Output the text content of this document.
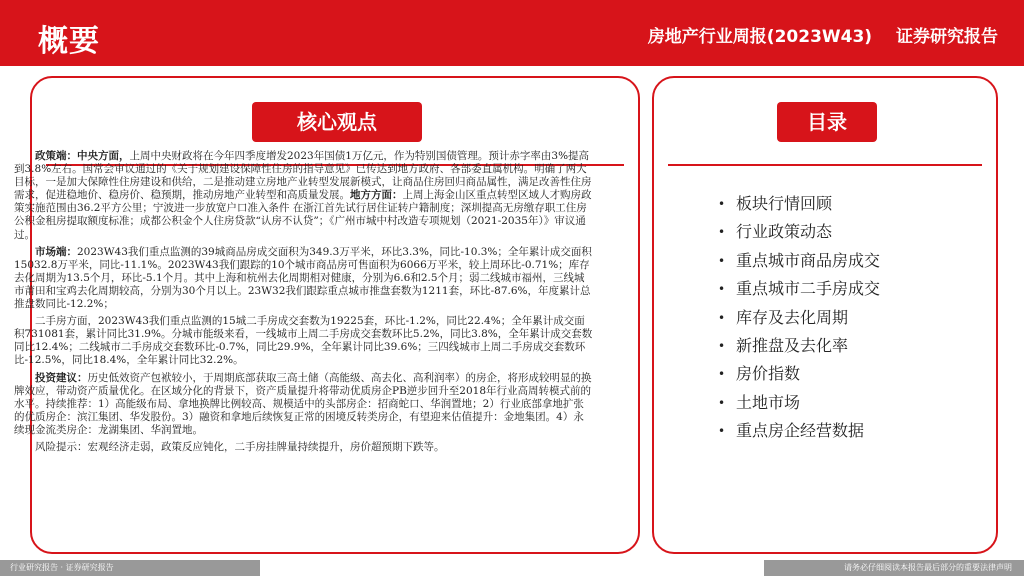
概要	房地产行业周报(2023W43) 证券研究报告
核心观点

政策端：中央方面，上周中央财政将在今年四季度增发2023年国债1万亿元，作为特别国债管理。预计赤字率由3%提高到3.8%左右。国常会审议通过的《关于规划建设保障性住房的指导意见》已传达到地方政府、各部委直属机构。明确了两大目标，一是加大保障性住房建设和供给，二是推动建立房地产业转型发展新模式，让商品住房回归商品属性，满足改善性住房需求，促进稳地价、稳房价、稳预期，推动房地产业转型和高质量发展。地方方面：上周上海金山区重点转型区域人才购房政策实施范围由36.2平方公里；宁波进一步放宽户口准入条件 在浙江首先试行居住证转户籍制度；深圳提高无房缴存职工住房公积金租房提取额度标准；成都公积金个人住房贷款“认房不认贷”；《广州市城中村改造专项规划（2021-2035年）》审议通过。

市场端：2023W43我们重点监测的39城商品房成交面积为349.3万平米，环比3.3%，同比-10.3%；全年累计成交面积15032.8万平米，同比-11.1%。2023W43我们跟踪的10个城市商品房可售面积为6066万平米，较上周环比-0.71%；库存去化周期为13.5个月，环比-5.1个月。其中上海和杭州去化周期相对健康，分别为6.6和2.5个月；弱二线城市福州，三线城市莆田和宝鸡去化周期较高，分别为30个月以上。23W32我们跟踪重点城市推盘套数为1211套，环比-87.6%，年度累计总推盘数同比-12.2%；

二手房方面，2023W43我们重点监测的15城二手房成交套数为19225套，环比-1.2%，同比22.4%；全年累计成交面积731081套，累计同比31.9%。分城市能级来看，一线城市上周二手房成交套数环比5.2%，同比3.8%，全年累计成交套数同比12.4%；二线城市二手房成交套数环比-0.7%，同比29.9%，全年累计同比39.6%；三四线城市上周二手房成交套数环比-12.5%，同比18.4%，全年累计同比32.2%。

投资建议：历史低效资产包袱较小，于周期底部获取三高土储（高能级、高去化、高利润率）的房企，将形成较明显的换牌效应，带动资产质量优化。在区域分化的背景下，资产质量提升将带动优质房企PB逆步回升至2018年行业高周转模式前的水平。持续推荐：1）高能级布局、拿地换牌比例较高、规模适中的头部房企：招商蛇口、华润置地；2）行业底部拿地扩张的优质房企：滨江集团、华发股份。3）融资和拿地后续恢复正常的困境反转类房企，有望迎来估值提升：金地集团。4）永续现金流类房企：龙湖集团、华润置地。

风险提示：宏观经济走弱，政策反应钝化，二手房挂牌量持续提升，房价超预期下跌等。

目录
• 板块行情回顾
• 行业政策动态
• 重点城市商品房成交
• 重点城市二手房成交
• 库存及去化周期
• 新推盘及去化率
• 房价指数
• 土地市场
• 重点房企经营数据
行业研究报告 · 证券研究报告	请务必仔细阅读本报告最后部分的重要法律声明
